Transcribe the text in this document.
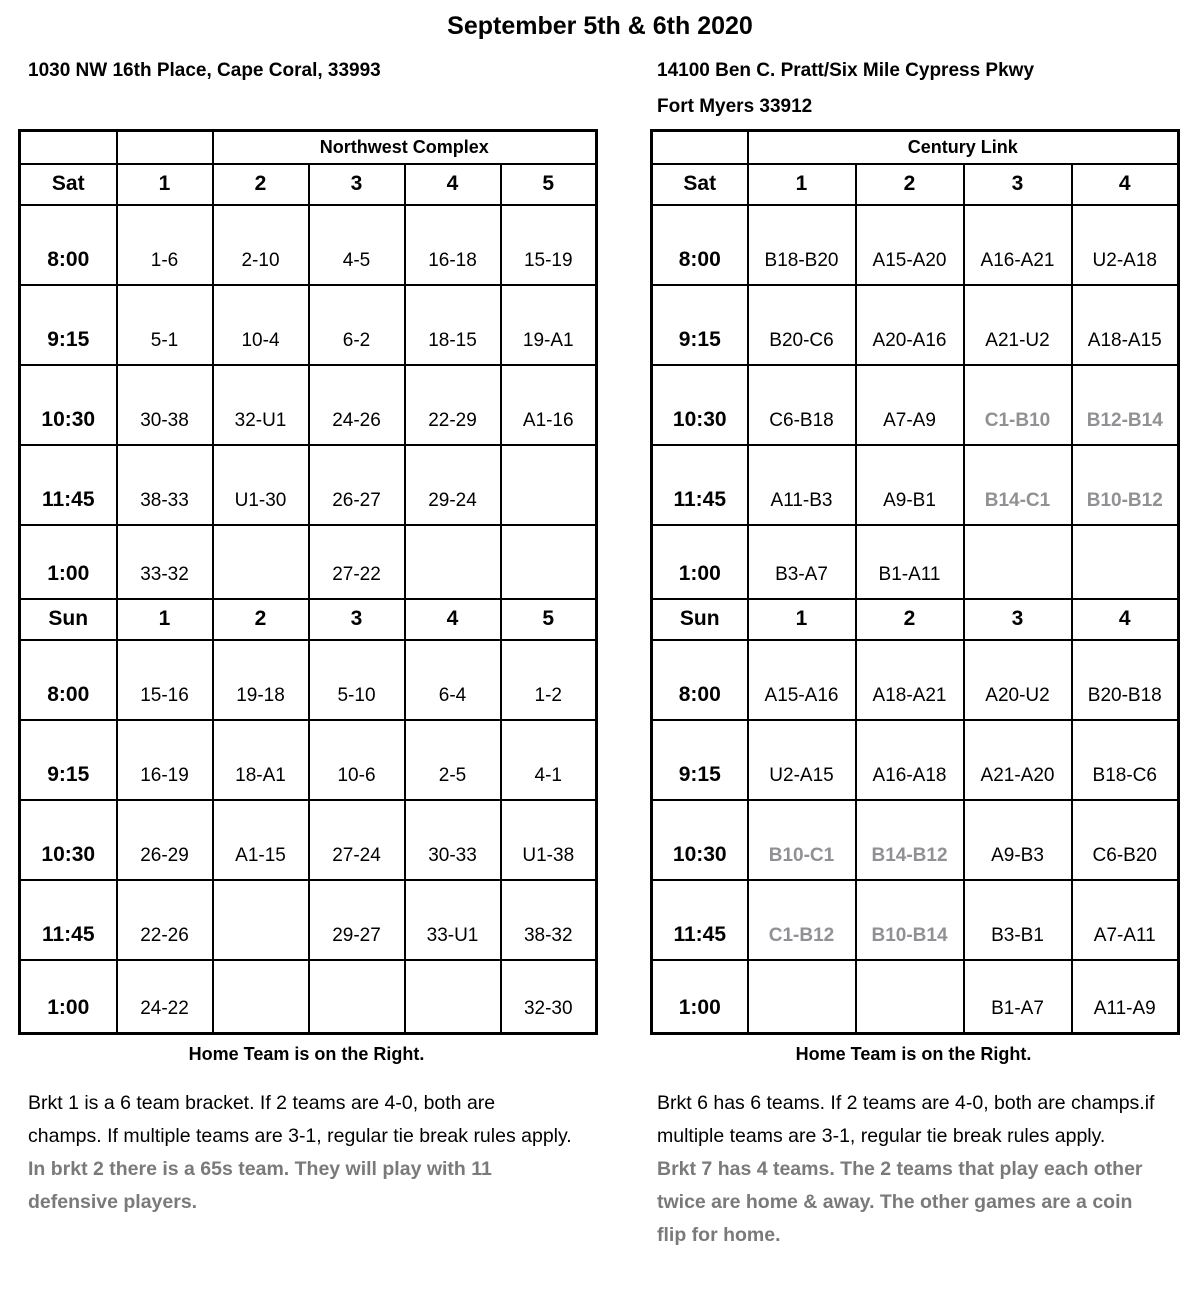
September 5th & 6th 2020
1030 NW 16th Place, Cape Coral, 33993	14100 Ben C. Pratt/Six Mile Cypress Pkwy
Fort Myers 33912
		Northwest Complex			
Sat	1	2	3	4	5
8:00	1-6	2-10	4-5	16-18	15-19
9:15	5-1	10-4	6-2	18-15	19-A1
10:30	30-38	32-U1	24-26	22-29	A1-16
11:45	38-33	U1-30	26-27	29-24	
1:00	33-32		27-22		
Sun	1	2	3	4	5
8:00	15-16	19-18	5-10	6-4	1-2
9:15	16-19	18-A1	10-6	2-5	4-1
10:30	26-29	A1-15	27-24	30-33	U1-38
11:45	22-26		29-27	33-U1	38-32
1:00	24-22				32-30
Home Team is on the Right.
	Century Link			
Sat	1	2	3	4
8:00	B18-B20	A15-A20	A16-A21	U2-A18
9:15	B20-C6	A20-A16	A21-U2	A18-A15
10:30	C6-B18	A7-A9	C1-B10	B12-B14
11:45	A11-B3	A9-B1	B14-C1	B10-B12
1:00	B3-A7	B1-A11		
Sun	1	2	3	4
8:00	A15-A16	A18-A21	A20-U2	B20-B18
9:15	U2-A15	A16-A18	A21-A20	B18-C6
10:30	B10-C1	B14-B12	A9-B3	C6-B20
11:45	C1-B12	B10-B14	B3-B1	A7-A11
1:00			B1-A7	A11-A9
Home Team is on the Right.
Brkt 1 is a 6 team bracket. If 2 teams are 4-0, both are champs. If multiple teams are 3-1, regular tie break rules apply.
In brkt 2 there is a 65s team. They will play with 11 defensive players.
Brkt 6 has 6 teams. If 2 teams are 4-0, both are champs.if multiple teams are 3-1, regular tie break rules apply.
Brkt 7 has 4 teams. The 2 teams that play each other twice are home & away. The other games are a coin flip for home.
